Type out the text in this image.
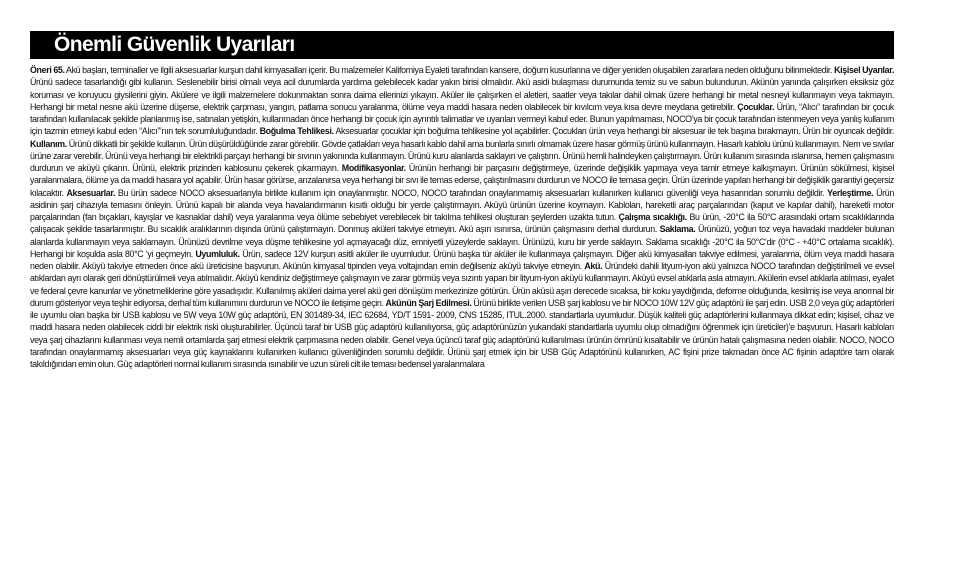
Önemli Güvenlik Uyarıları

Öneri 65. Akü başları, terminaller ve ilgili aksesuarlar kurşun dahil kimyasalları içerir. Bu malzemeler Kaliforniya Eyaleti tarafından kansere, doğum kusurlarına ve diğer yeniden oluşabilen zararlara neden olduğunu bilinmektedir. Kişisel Uyarılar. Ürünü sadece tasarlandığı gibi kullanın. Seslenebilir birisi olmalı veya acil durumlarda yardıma gelebilecek kadar yakın birisi olmalıdır. Akü asidi bulaşması durumunda temiz su ve sabun bulundurun. Akünün yanında çalışırken eksiksiz göz koruması ve koruyucu giysilerini giyin. Akülere ve ilgili malzemelere dokunmaktan sonra daima ellerinizi yıkayın. Aküler ile çalışırken el aletleri, saatler veya takılar dahil olmak üzere herhangi bir metal nesneyi kullanmayın veya takmayın. Herhangi bir metal nesne akü üzerine düşerse, elektrik çarpması, yangın, patlama sonucu yaralanma, ölüme veya maddi hasara neden olabilecek bir kıvılcım veya kısa devre meydana getirebilir. Çocuklar. Ürün, “Alıcı” tarafından bir çocuk tarafından kullanılacak şekilde planlanmış ise, satınalan yetişkin, kullanmadan önce herhangi bir çocuk için ayrıntılı talimatlar ve uyarıları vermeyi kabul eder. Bunun yapılmaması, NOCO’ya bir çocuk tarafından istenmeyen veya yanlış kullanım için tazmin etmeyi kabul eden “Alıcı”’nın tek sorumluluğundadır. Boğulma Tehlikesi. Aksesuarlar çocuklar için boğulma tehlikesine yol açabilirler. Çocukları ürün veya herhangi bir aksesuar ile tek başına bırakmayın. Ürün bir oyuncak değildir. Kullanım. Ürünü dikkatli bir şekilde kullanın. Ürün düşürüldüğünde zarar görebilir. Gövde çatlakları veya hasarlı kablo dahil ama bunlarla sınırlı olmamak üzere hasar görmüş ürünü kullanmayın. Hasarlı kablolu ürünü kullanmayın. Nem ve sıvılar ürüne zarar verebilir. Ürünü veya herhangi bir elektrikli parçayı herhangi bir sıvının yakınında kullanmayın. Ürünü kuru alanlarda saklayın ve çalıştırın. Ürünü hemli halindeyken çalıştırmayın. Ürün kullanım sırasında ıslanırsa, hemen çalışmasını durdurun ve aküyü çıkarın. Ürünü, elektrik prizinden kablosunu çekerek çıkarmayın. Modifikasyonlar. Ürünün herhangi bir parçasını değiştirmeye, üzerinde değişiklik yapmaya veya tamir etmeye kalkışmayın. Ürünün sökülmesi, kişisel yaralanmalara, ölüme ya da maddi hasara yol açabilir. Ürün hasar görürse, arızalanırsa veya herhangi bir sıvı ile temas ederse, çalıştırılmasını durdurun ve NOCO ile temasa geçin. Ürün üzerinde yapılan herhangi bir değişiklik garantiyi geçersiz kılacaktır. Aksesuarlar. Bu ürün sadece NOCO aksesuarlarıyla birlikte kullanım için onaylanmıştır. NOCO, NOCO tarafından onaylanmamış aksesuarları kullanırken kullanıcı güvenliği veya hasarından sorumlu değildir. Yerleştirme. Ürün asidinin şarj cihazıyla temasını önleyin. Ürünü kapalı bir alanda veya havalandırmanın kısıtlı olduğu bir yerde çalıştırmayın. Aküyü ürünün üzerine koymayın. Kablolan, hareketli araç parçalarından (kaput ve kapılar dahil), hareketli motor parçalarından (fan bıçakları, kayışlar ve kasnaklar dahil) veya yaralanma veya ölüme sebebiyet verebilecek bir takılma tehlikesi oluşturan şeylerden uzakta tutun. Çalışma sıcaklığı. Bu ürün, -20°C ila 50°C arasındaki ortam sıcaklıklarında çalışacak şekilde tasarlanmıştır. Bu sıcaklık aralıklarının dışında ürünü çalıştırmayın. Donmuş aküleri takviye etmeyin. Akü aşırı ısınırsa, ürünün çalışmasını derhal durdurun. Saklama. Ürünüzü, yoğun toz veya havadaki maddeler bulunan alanlarda kullanmayın veya saklamayın. Ürünüzü devrilme veya düşme tehlikesine yol açmayacağı düz, emniyetli yüzeylerde saklayın. Ürünüzü, kuru bir yerde saklayın. Saklama sıcaklığı -20°C ila 50°C’dir (0°C - +40°C ortalama sıcaklık). Herhangi bir koşulda asla 80°C ‘yi geçmeyin. Uyumluluk. Ürün, sadece 12V kurşun asitli aküler ile uyumludur. Ürünü başka tür aküler ile kullanmaya çalışmayın. Diğer akü kimyasalları takviye edilmesi, yaralanma, ölüm veya maddi hasara neden olabilir. Aküyü takviye etmeden önce akü üreticisine başvurun. Akünün kimyasal tipinden veya voltajından emin değilseniz aküyü takviye etmeyin. Akü. Üründeki dahili lityum-iyon akü yalnızca NOCO tarafından değiştirilmeli ve evsel atıklardan ayrı olarak geri dönüştürülmeli veya atılmalıdır. Aküyü kendiniz değiştirmeye çalışmayın ve zarar görmüş veya sızıntı yapan bir lityum-iyon aküyü kullanmayın. Aküyü evsel atıklarla asla atmayın. Akülerin evsel atıklarla atılması, eyalet ve federal çevre kanunlar ve yönetmeliklerine göre yasadışıdır. Kullanılmış aküleri daima yerel akü geri dönüşüm merkezinize götürün. Ürün aküsü aşırı derecede sıcaksa, bir koku yaydığında, deforme olduğunda, kesilmiş ise veya anormal bir durum gösteriyor veya teşhir ediyorsa, derhal tüm kullanımını durdurun ve NOCO ile iletişime geçin. Akünün Şarj Edilmesi. Ürünü birlikte verilen USB şarj kablosu ve bir NOCO 10W 12V güç adaptörü ile şarj edin. USB 2,0 veya güç adaptörleri ile uyumlu olan başka bir USB kablosu ve 5W veya 10W güç adaptörü, EN 301489-34, IEC 62684, YD/T 1591- 2009, CNS 15285, ITUL.2000. standartlarla uyumludur. Düşük kaliteli güç adaptörlerini kullanmaya dikkat edin; kişisel, cihaz ve maddi hasara neden olabilecek ciddi bir elektrik riski oluşturabilirler. Üçüncü taraf bir USB güç adaptörü kullanılıyorsa, güç adaptörünüzün yukarıdaki standartlarla uyumlu olup olmadığını öğrenmek için üreticiler)’e başvurun. Hasarlı kabloları veya şarj cihazlarını kullanması veya nemli ortamlarda şarj etmesi elektrik çarpmasına neden olabilir. Genel veya üçüncü taraf güç adaptörünü kullanılması ürünün ömrünü kısaltabilir ve ürünün hatalı çalışmasına neden olabilir. NOCO, NOCO tarafından onaylanmamış aksesuarları veya güç kaynaklarını kullanırken kullanıcı güvenliğinden sorumlu değildir. Ürünü şarj etmek için bir USB Güç Adaptörünü kullanırken, AC fişini prize takmadan önce AC fişinin adaptöre tam olarak takıldığından emin olun. Güç adaptörleri normal kullanım sırasında ısınabilir ve uzun süreli cilt ile teması bedensel yaralanmalara
